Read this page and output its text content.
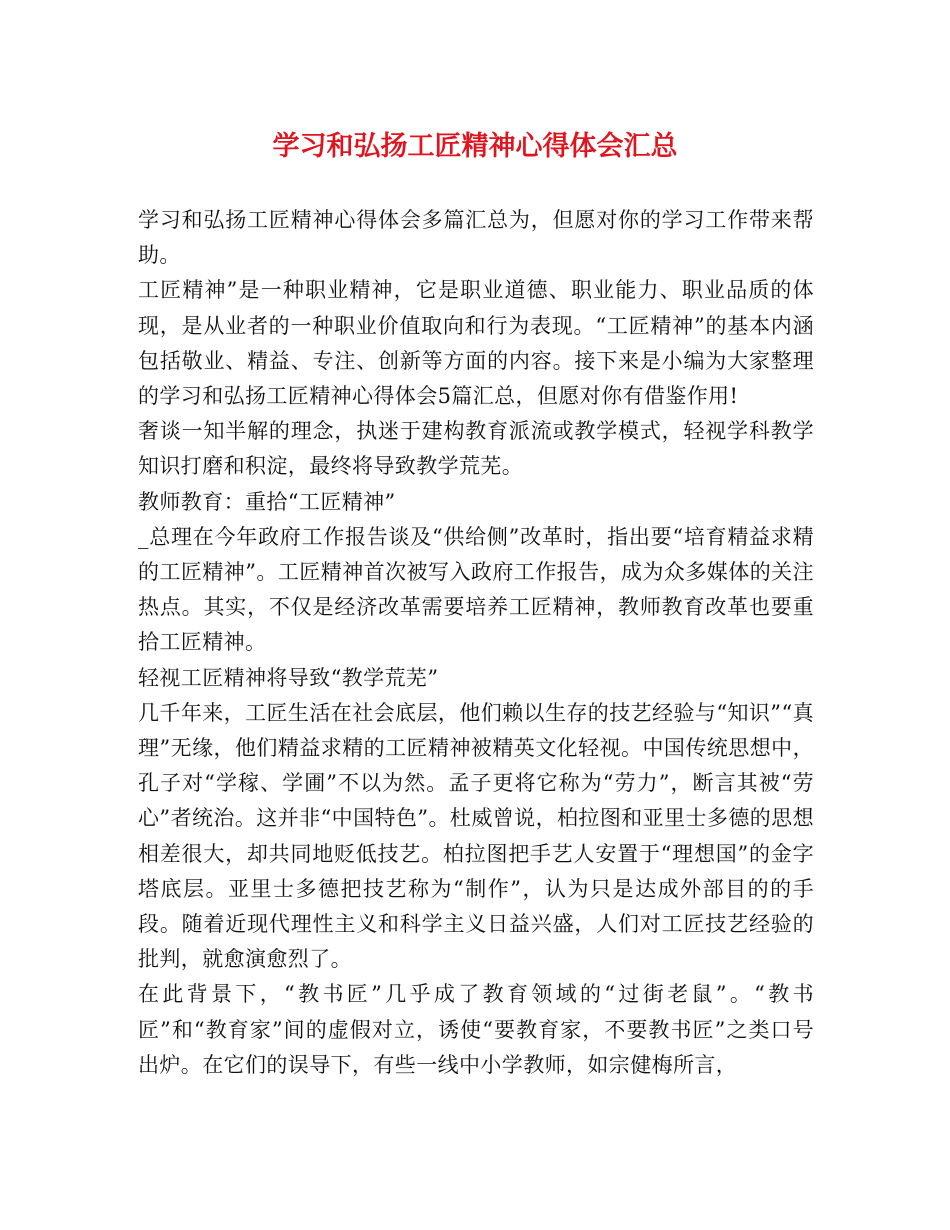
学习和弘扬工匠精神心得体会汇总

学习和弘扬工匠精神心得体会多篇汇总为，但愿对你的学习工作带来帮助。

工匠精神”是一种职业精神，它是职业道德、职业能力、职业品质的体现，是从业者的一种职业价值取向和行为表现。“工匠精神”的基本内涵包括敬业、精益、专注、创新等方面的内容。接下来是小编为大家整理的学习和弘扬工匠精神心得体会5篇汇总，但愿对你有借鉴作用!

奢谈一知半解的理念，执迷于建构教育派流或教学模式，轻视学科教学知识打磨和积淀，最终将导致教学荒芜。

教师教育：重拾“工匠精神”

_总理在今年政府工作报告谈及“供给侧”改革时，指出要“培育精益求精的工匠精神”。工匠精神首次被写入政府工作报告，成为众多媒体的关注热点。其实，不仅是经济改革需要培养工匠精神，教师教育改革也要重拾工匠精神。

轻视工匠精神将导致“教学荒芜”

几千年来，工匠生活在社会底层，他们赖以生存的技艺经验与“知识”“真理”无缘，他们精益求精的工匠精神被精英文化轻视。中国传统思想中，孔子对“学稼、学圃”不以为然。孟子更将它称为“劳力”，断言其被“劳心”者统治。这并非“中国特色”。杜威曾说，柏拉图和亚里士多德的思想相差很大，却共同地贬低技艺。柏拉图把手艺人安置于“理想国”的金字塔底层。亚里士多德把技艺称为“制作”，认为只是达成外部目的的手段。随着近现代理性主义和科学主义日益兴盛，人们对工匠技艺经验的批判，就愈演愈烈了。

在此背景下，“教书匠”几乎成了教育领域的“过街老鼠”。“教书匠”和“教育家”间的虚假对立，诱使“要教育家，不要教书匠”之类口号出炉。在它们的误导下，有些一线中小学教师，如宗健梅所言，
